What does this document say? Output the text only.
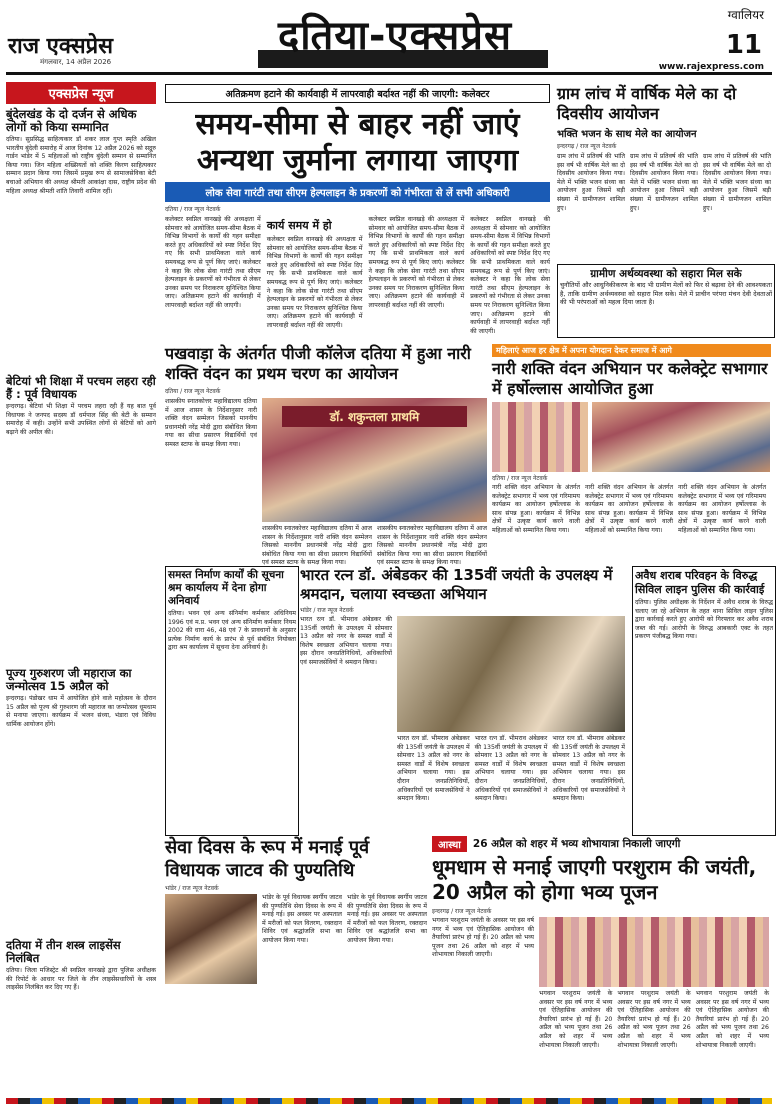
राज एक्सप्रेस
मंगलवार, 14 अप्रैल 2026
दतिया-एक्सप्रेस	ग्वालियर
11
www.rajexpress.com
एक्सप्रेस न्यूज
बुंदेलखंड के दो दर्जन से अधिक लोगों को किया सम्मानित
दतिया। सुप्रसिद्ध साहित्यकार डॉ शकर लाल गुप्त स्मृति अखिल भारतीय बुंदेली समारोह में आज दिनांक 12 अप्रैल 2026 को सद्गुरु गार्डन भांडेर में 5 महिलाओं को राष्ट्रीय बुंदेली सम्मान से सम्मानित किया गया। जिन महिला शख्सियतों को शक्ति किरण साहित्यकार सम्मान प्रदान किया गया जिसमें प्रमुख रूप से सामाजसेविका बेटी बचाओ अभियान की अध्यक्ष श्रीमती आकांक्षा दास, राष्ट्रीय प्रदेश की महिला अध्यक्ष श्रीमती शांति तिवारी शामिल रहीं।
बेटियां भी शिक्षा में परचम लहरा रही हैं : पूर्व विधायक
इन्दरगढ़। बेटियां भी शिक्षा में परचम लहरा रही हैं यह बात पूर्व विधायक ने जनपद सदस्य डॉ धर्मपाल सिंह की बेटी के सम्मान समारोह में कही। उन्होंने सभी उपस्थित लोगों से बेटियों को आगे बढ़ाने की अपील की।
पूज्य गुरुशरण जी महाराज का जन्मोत्सव 15 अप्रैल को
इन्दरगढ़। पंडोखर धाम में आयोजित होने वाले महोत्सव के दौरान 15 अप्रैल को पूज्य श्री गुरुशरण जी महाराज का जन्मोत्सव धूमधाम से मनाया जाएगा। कार्यक्रम में भजन संध्या, भंडारा एवं विविध धार्मिक आयोजन होंगे।
दतिया में तीन शस्त्र लाइसेंस निलंबित
दतिया। जिला मजिस्ट्रेट श्री स्वप्निल वानखड़े द्वारा पुलिस अधीक्षक की रिपोर्ट के आधार पर जिले के तीन लाइसेंसधारियों के शस्त्र लाइसेंस निलंबित कर दिए गए हैं।
अतिक्रमण हटाने की कार्यवाही में लापरवाही बर्दाश्त नहीं की जाएगी: कलेक्टर
समय-सीमा से बाहर नहीं जाएं
अन्यथा जुर्माना लगाया जाएगा
लोक सेवा गारंटी तथा सीएम हेल्पलाइन के प्रकरणों को गंभीरता से लें सभी अधिकारी
दतिया / राज न्यूज नेटवर्क
कलेक्टर स्वप्निल वानखड़े की अध्यक्षता में सोमवार को आयोजित समय-सीमा बैठक में विभिन्न विभागों के कार्यों की गहन समीक्षा करते हुए अधिकारियों को स्पष्ट निर्देश दिए गए कि सभी प्राथमिकता वाले कार्य समयबद्ध रूप से पूर्ण किए जाएं। कलेक्टर ने कहा कि लोक सेवा गारंटी तथा सीएम हेल्पलाइन के प्रकरणों को गंभीरता से लेकर उनका समय पर निराकरण सुनिश्चित किया जाए। अतिक्रमण हटाने की कार्यवाही में लापरवाही बर्दाश्त नहीं की जाएगी।
कार्य समय में हो
कलेक्टर स्वप्निल वानखड़े की अध्यक्षता में सोमवार को आयोजित समय-सीमा बैठक में विभिन्न विभागों के कार्यों की गहन समीक्षा करते हुए अधिकारियों को स्पष्ट निर्देश दिए गए कि सभी प्राथमिकता वाले कार्य समयबद्ध रूप से पूर्ण किए जाएं। कलेक्टर ने कहा कि लोक सेवा गारंटी तथा सीएम हेल्पलाइन के प्रकरणों को गंभीरता से लेकर उनका समय पर निराकरण सुनिश्चित किया जाए। अतिक्रमण हटाने की कार्यवाही में लापरवाही बर्दाश्त नहीं की जाएगी।
कलेक्टर स्वप्निल वानखड़े की अध्यक्षता में सोमवार को आयोजित समय-सीमा बैठक में विभिन्न विभागों के कार्यों की गहन समीक्षा करते हुए अधिकारियों को स्पष्ट निर्देश दिए गए कि सभी प्राथमिकता वाले कार्य समयबद्ध रूप से पूर्ण किए जाएं। कलेक्टर ने कहा कि लोक सेवा गारंटी तथा सीएम हेल्पलाइन के प्रकरणों को गंभीरता से लेकर उनका समय पर निराकरण सुनिश्चित किया जाए। अतिक्रमण हटाने की कार्यवाही में लापरवाही बर्दाश्त नहीं की जाएगी।
कलेक्टर स्वप्निल वानखड़े की अध्यक्षता में सोमवार को आयोजित समय-सीमा बैठक में विभिन्न विभागों के कार्यों की गहन समीक्षा करते हुए अधिकारियों को स्पष्ट निर्देश दिए गए कि सभी प्राथमिकता वाले कार्य समयबद्ध रूप से पूर्ण किए जाएं। कलेक्टर ने कहा कि लोक सेवा गारंटी तथा सीएम हेल्पलाइन के प्रकरणों को गंभीरता से लेकर उनका समय पर निराकरण सुनिश्चित किया जाए। अतिक्रमण हटाने की कार्यवाही में लापरवाही बर्दाश्त नहीं की जाएगी।
ग्राम लांच में वार्षिक मेले का दो दिवसीय आयोजन
भक्ति भजन के साथ मेले का आयोजन
इन्दरगढ़ / राज न्यूज नेटवर्क
ग्राम लांच में प्रतिवर्ष की भांति इस वर्ष भी वार्षिक मेले का दो दिवसीय आयोजन किया गया। मेले में भक्ति भजन संध्या का आयोजन हुआ जिसमें बड़ी संख्या में ग्रामीणजन शामिल हुए।
ग्राम लांच में प्रतिवर्ष की भांति इस वर्ष भी वार्षिक मेले का दो दिवसीय आयोजन किया गया। मेले में भक्ति भजन संध्या का आयोजन हुआ जिसमें बड़ी संख्या में ग्रामीणजन शामिल हुए।
ग्राम लांच में प्रतिवर्ष की भांति इस वर्ष भी वार्षिक मेले का दो दिवसीय आयोजन किया गया। मेले में भक्ति भजन संध्या का आयोजन हुआ जिसमें बड़ी संख्या में ग्रामीणजन शामिल हुए।
ग्रामीण अर्थव्यवस्था को सहारा मिल सके
चुनौतियों और आधुनिकीकरण के बाद भी ग्रामीण मेलों को फिर से बढ़ावा देने की आवश्यकता है, ताकि ग्रामीण अर्थव्यवस्था को सहारा मिल सके। मेले में प्राचीन परंपरा मंचन देवी देवताओं की भी परंपराओं को महत्व दिया जाता है।
पखवाड़ा के अंतर्गत पीजी कॉलेज दतिया में हुआ नारी शक्ति वंदन का प्रथम चरण का आयोजन
दतिया / राज न्यूज नेटवर्क
शासकीय स्नातकोत्तर महाविद्यालय दतिया में आज शासन के निर्देशानुसार नारी शक्ति वंदन सम्मेलन जिसको माननीय प्रधानमंत्री नरेंद्र मोदी द्वारा संबोधित किया गया का सीधा प्रसारण विद्यार्थियों एवं समस्त स्टाफ के समक्ष किया गया।
डॉ. शकुन्तला प्राथमि
शासकीय स्नातकोत्तर महाविद्यालय दतिया में आज शासन के निर्देशानुसार नारी शक्ति वंदन सम्मेलन जिसको माननीय प्रधानमंत्री नरेंद्र मोदी द्वारा संबोधित किया गया का सीधा प्रसारण विद्यार्थियों एवं समस्त स्टाफ के समक्ष किया गया।
शासकीय स्नातकोत्तर महाविद्यालय दतिया में आज शासन के निर्देशानुसार नारी शक्ति वंदन सम्मेलन जिसको माननीय प्रधानमंत्री नरेंद्र मोदी द्वारा संबोधित किया गया का सीधा प्रसारण विद्यार्थियों एवं समस्त स्टाफ के समक्ष किया गया।
महिलाएं आज हर क्षेत्र में अपना योगदान देकर समाज में आगे
नारी शक्ति वंदन अभियान पर कलेक्ट्रेट सभागार में हर्षोल्लास आयोजित हुआ
दतिया / राज न्यूज नेटवर्क
नारी शक्ति वंदन अभियान के अंतर्गत कलेक्ट्रेट सभागार में भव्य एवं गरिमामय कार्यक्रम का आयोजन हर्षोल्लास के साथ संपन्न हुआ। कार्यक्रम में विभिन्न क्षेत्रों में उत्कृष्ट कार्य करने वाली महिलाओं को सम्मानित किया गया।
नारी शक्ति वंदन अभियान के अंतर्गत कलेक्ट्रेट सभागार में भव्य एवं गरिमामय कार्यक्रम का आयोजन हर्षोल्लास के साथ संपन्न हुआ। कार्यक्रम में विभिन्न क्षेत्रों में उत्कृष्ट कार्य करने वाली महिलाओं को सम्मानित किया गया।
नारी शक्ति वंदन अभियान के अंतर्गत कलेक्ट्रेट सभागार में भव्य एवं गरिमामय कार्यक्रम का आयोजन हर्षोल्लास के साथ संपन्न हुआ। कार्यक्रम में विभिन्न क्षेत्रों में उत्कृष्ट कार्य करने वाली महिलाओं को सम्मानित किया गया।
समस्त निर्माण कार्यों की सूचना श्रम कार्यालय में देना होगा अनिवार्य
दतिया। भवन एवं अन्य संनिर्माण कर्मकार अधिनियम 1996 एवं म.प्र. भवन एवं अन्य संनिर्माण कर्मकार नियम 2002 की धारा 46, 48 एवं 7 के प्रावधानों के अनुसार प्रत्येक निर्माण कार्य के प्रारंभ से पूर्व संबंधित नियोक्ता द्वारा श्रम कार्यालय में सूचना देना अनिवार्य है।
भारत रत्न डॉ. अंबेडकर की 135वीं जयंती के उपलक्ष्य में श्रमदान, चलाया स्वच्छता अभियान
भांडेर / राज न्यूज नेटवर्क
भारत रत्न डॉ. भीमराव अंबेडकर की 135वीं जयंती के उपलक्ष्य में सोमवार 13 अप्रैल को नगर के समस्त वार्डों में विशेष स्वच्छता अभियान चलाया गया। इस दौरान जनप्रतिनिधियों, अधिकारियों एवं समाजसेवियों ने श्रमदान किया।
भारत रत्न डॉ. भीमराव अंबेडकर की 135वीं जयंती के उपलक्ष्य में सोमवार 13 अप्रैल को नगर के समस्त वार्डों में विशेष स्वच्छता अभियान चलाया गया। इस दौरान जनप्रतिनिधियों, अधिकारियों एवं समाजसेवियों ने श्रमदान किया।
भारत रत्न डॉ. भीमराव अंबेडकर की 135वीं जयंती के उपलक्ष्य में सोमवार 13 अप्रैल को नगर के समस्त वार्डों में विशेष स्वच्छता अभियान चलाया गया। इस दौरान जनप्रतिनिधियों, अधिकारियों एवं समाजसेवियों ने श्रमदान किया।
भारत रत्न डॉ. भीमराव अंबेडकर की 135वीं जयंती के उपलक्ष्य में सोमवार 13 अप्रैल को नगर के समस्त वार्डों में विशेष स्वच्छता अभियान चलाया गया। इस दौरान जनप्रतिनिधियों, अधिकारियों एवं समाजसेवियों ने श्रमदान किया।
अवैध शराब परिवहन के विरुद्ध सिविल लाइन पुलिस की कार्रवाई
दतिया। पुलिस अधीक्षक के निर्देशन में अवैध शराब के विरुद्ध चलाए जा रहे अभियान के तहत थाना सिविल लाइन पुलिस द्वारा कार्रवाई करते हुए आरोपी को गिरफ्तार कर अवैध शराब जब्त की गई। आरोपी के विरुद्ध आबकारी एक्ट के तहत प्रकरण पंजीबद्ध किया गया।
सेवा दिवस के रूप में मनाई पूर्व विधायक जाटव की पुण्यतिथि
भांडेर / राज न्यूज नेटवर्क
भांडेर के पूर्व विधायक स्वर्गीय जाटव की पुण्यतिथि सेवा दिवस के रूप में मनाई गई। इस अवसर पर अस्पताल में मरीजों को फल वितरण, रक्तदान शिविर एवं श्रद्धांजलि सभा का आयोजन किया गया।
भांडेर के पूर्व विधायक स्वर्गीय जाटव की पुण्यतिथि सेवा दिवस के रूप में मनाई गई। इस अवसर पर अस्पताल में मरीजों को फल वितरण, रक्तदान शिविर एवं श्रद्धांजलि सभा का आयोजन किया गया।
आस्था	26 अप्रैल को शहर में भव्य शोभायात्रा निकाली जाएगी
धूमधाम से मनाई जाएगी परशुराम की जयंती, 20 अप्रैल को होगा भव्य पूजन
इन्दरगढ़ / राज न्यूज नेटवर्क
भगवान परशुराम जयंती के अवसर पर इस वर्ष नगर में भव्य एवं ऐतिहासिक आयोजन की तैयारियां प्रारंभ हो गई हैं। 20 अप्रैल को भव्य पूजन तथा 26 अप्रैल को शहर में भव्य शोभायात्रा निकाली जाएगी।
भगवान परशुराम जयंती के अवसर पर इस वर्ष नगर में भव्य एवं ऐतिहासिक आयोजन की तैयारियां प्रारंभ हो गई हैं। 20 अप्रैल को भव्य पूजन तथा 26 अप्रैल को शहर में भव्य शोभायात्रा निकाली जाएगी।
भगवान परशुराम जयंती के अवसर पर इस वर्ष नगर में भव्य एवं ऐतिहासिक आयोजन की तैयारियां प्रारंभ हो गई हैं। 20 अप्रैल को भव्य पूजन तथा 26 अप्रैल को शहर में भव्य शोभायात्रा निकाली जाएगी।
भगवान परशुराम जयंती के अवसर पर इस वर्ष नगर में भव्य एवं ऐतिहासिक आयोजन की तैयारियां प्रारंभ हो गई हैं। 20 अप्रैल को भव्य पूजन तथा 26 अप्रैल को शहर में भव्य शोभायात्रा निकाली जाएगी।
